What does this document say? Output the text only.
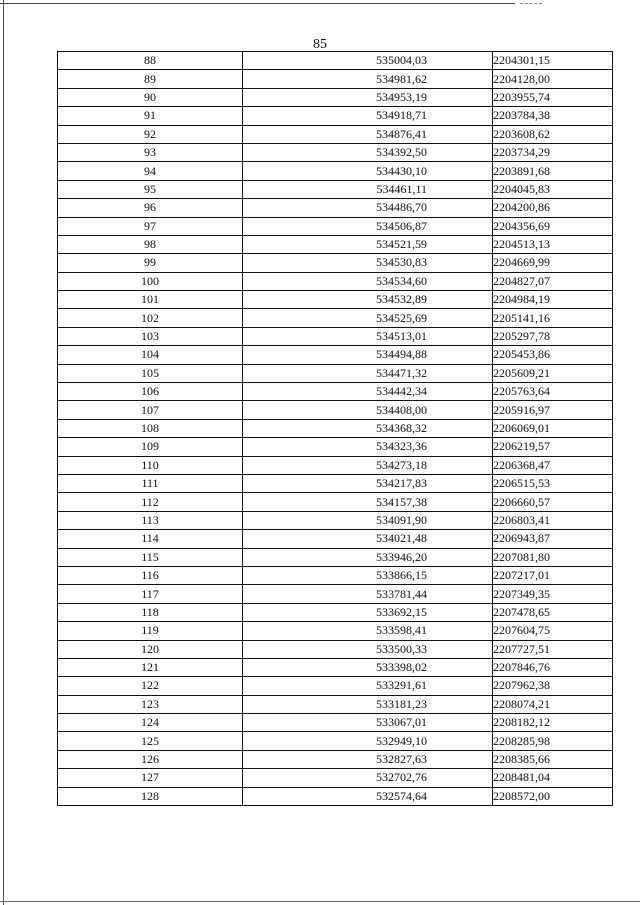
85
88	535004,03	2204301,15
89	534981,62	2204128,00
90	534953,19	2203955,74
91	534918,71	2203784,38
92	534876,41	2203608,62
93	534392,50	2203734,29
94	534430,10	2203891,68
95	534461,11	2204045,83
96	534486,70	2204200,86
97	534506,87	2204356,69
98	534521,59	2204513,13
99	534530,83	2204669,99
100	534534,60	2204827,07
101	534532,89	2204984,19
102	534525,69	2205141,16
103	534513,01	2205297,78
104	534494,88	2205453,86
105	534471,32	2205609,21
106	534442,34	2205763,64
107	534408,00	2205916,97
108	534368,32	2206069,01
109	534323,36	2206219,57
110	534273,18	2206368,47
111	534217,83	2206515,53
112	534157,38	2206660,57
113	534091,90	2206803,41
114	534021,48	2206943,87
115	533946,20	2207081,80
116	533866,15	2207217,01
117	533781,44	2207349,35
118	533692,15	2207478,65
119	533598,41	2207604,75
120	533500,33	2207727,51
121	533398,02	2207846,76
122	533291,61	2207962,38
123	533181,23	2208074,21
124	533067,01	2208182,12
125	532949,10	2208285,98
126	532827,63	2208385,66
127	532702,76	2208481,04
128	532574,64	2208572,00
